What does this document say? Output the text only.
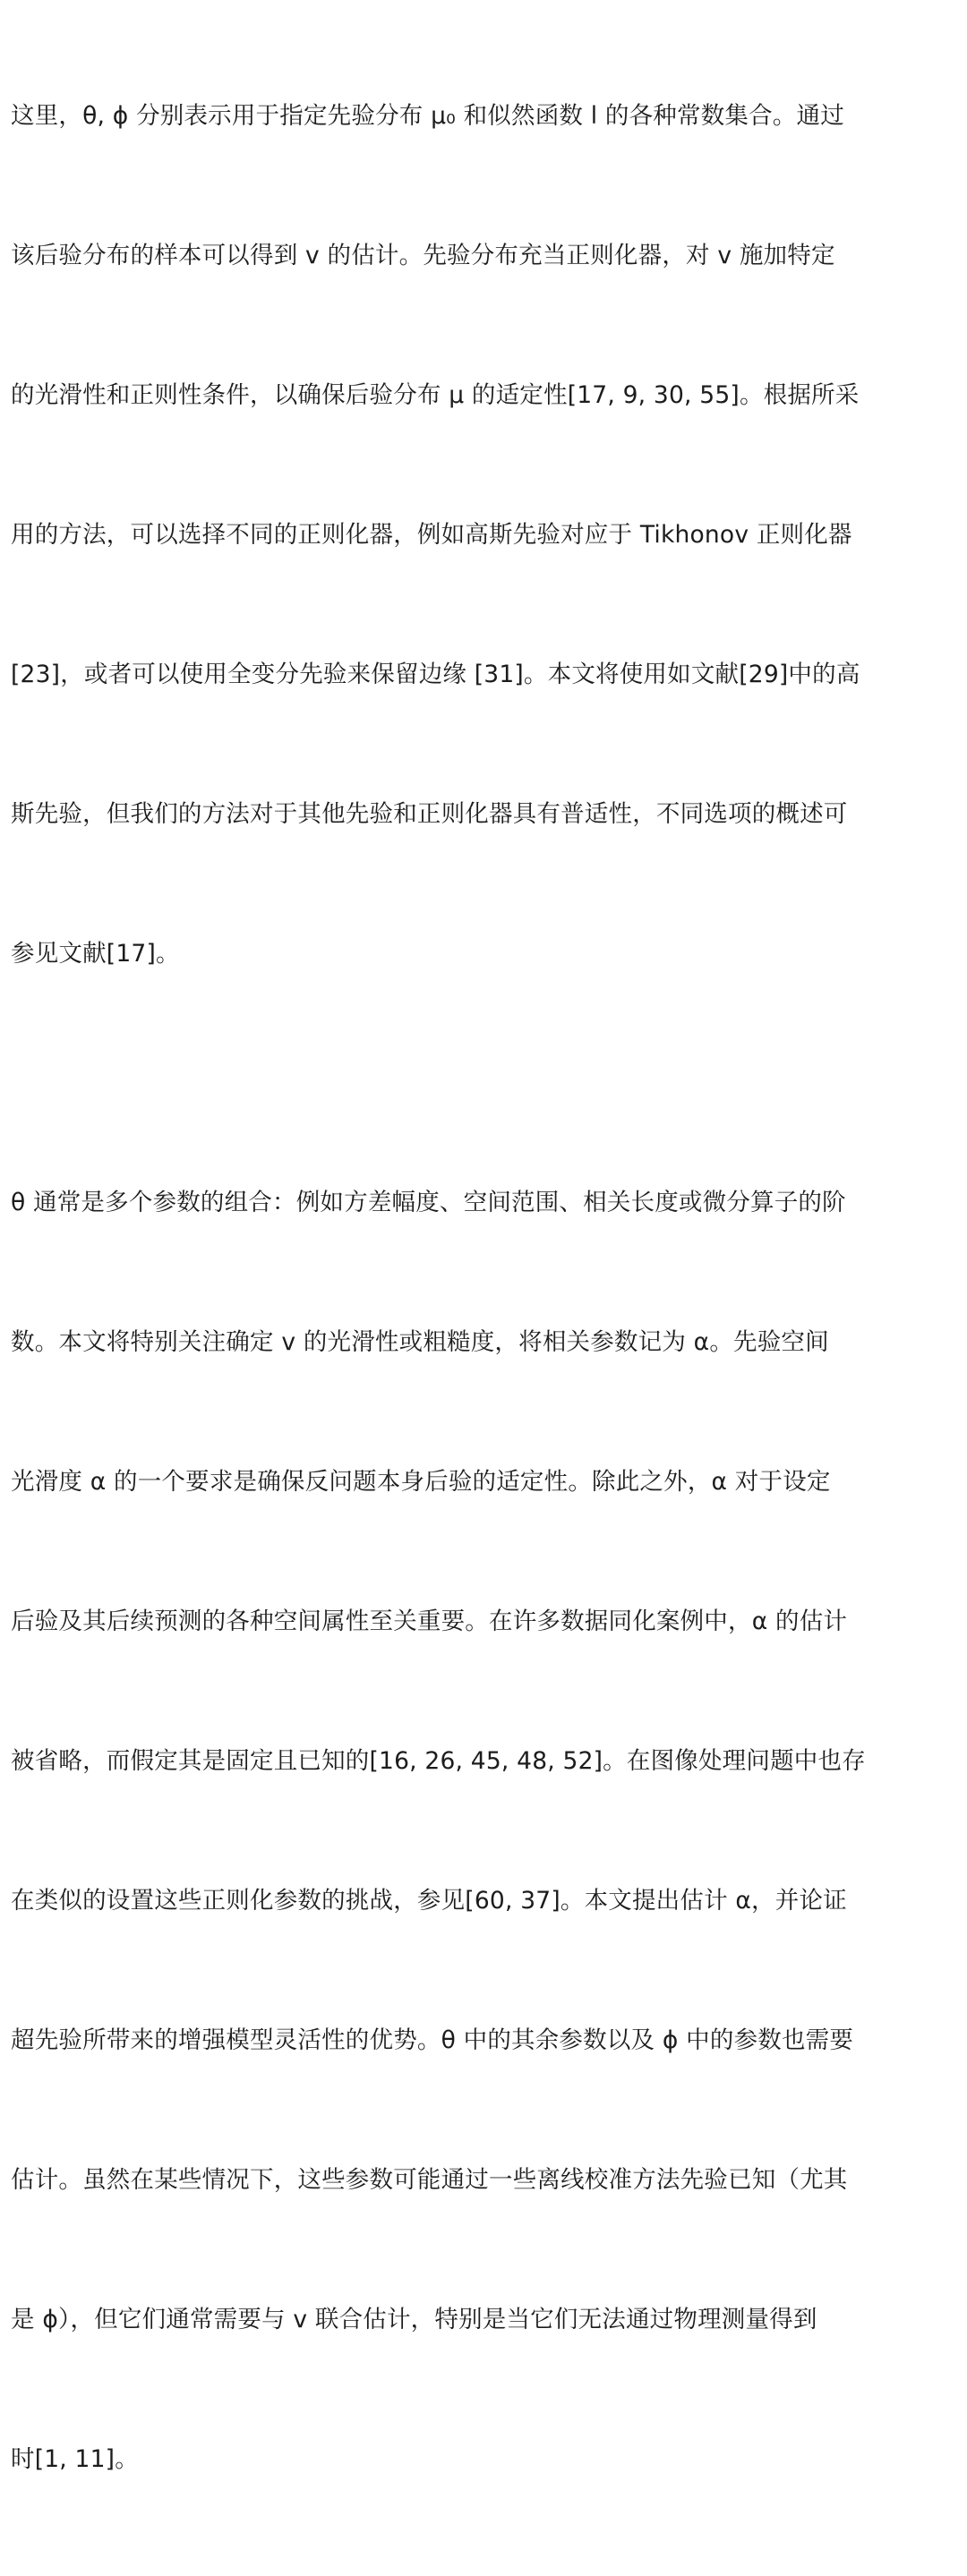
这里，θ, ϕ 分别表示用于指定先验分布 μ₀ 和似然函数 l 的各种常数集合。通过

该后验分布的样本可以得到 v 的估计。先验分布充当正则化器，对 v 施加特定

的光滑性和正则性条件，以确保后验分布 μ 的适定性[17, 9, 30, 55]。根据所采

用的方法，可以选择不同的正则化器，例如高斯先验对应于 Tikhonov 正则化器

[23]，或者可以使用全变分先验来保留边缘 [31]。本文将使用如文献[29]中的高

斯先验，但我们的方法对于其他先验和正则化器具有普适性，不同选项的概述可

参见文献[17]。

θ 通常是多个参数的组合：例如方差幅度、空间范围、相关长度或微分算子的阶

数。本文将特别关注确定 v 的光滑性或粗糙度，将相关参数记为 α。先验空间

光滑度 α 的一个要求是确保反问题本身后验的适定性。除此之外，α 对于设定

后验及其后续预测的各种空间属性至关重要。在许多数据同化案例中，α 的估计

被省略，而假定其是固定且已知的[16, 26, 45, 48, 52]。在图像处理问题中也存

在类似的设置这些正则化参数的挑战，参见[60, 37]。本文提出估计 α，并论证

超先验所带来的增强模型灵活性的优势。θ 中的其余参数以及 ϕ 中的参数也需要

估计。虽然在某些情况下，这些参数可能通过一些离线校准方法先验已知（尤其

是 ϕ），但它们通常需要与 v 联合估计，特别是当它们无法通过物理测量得到

时[1, 11]。
